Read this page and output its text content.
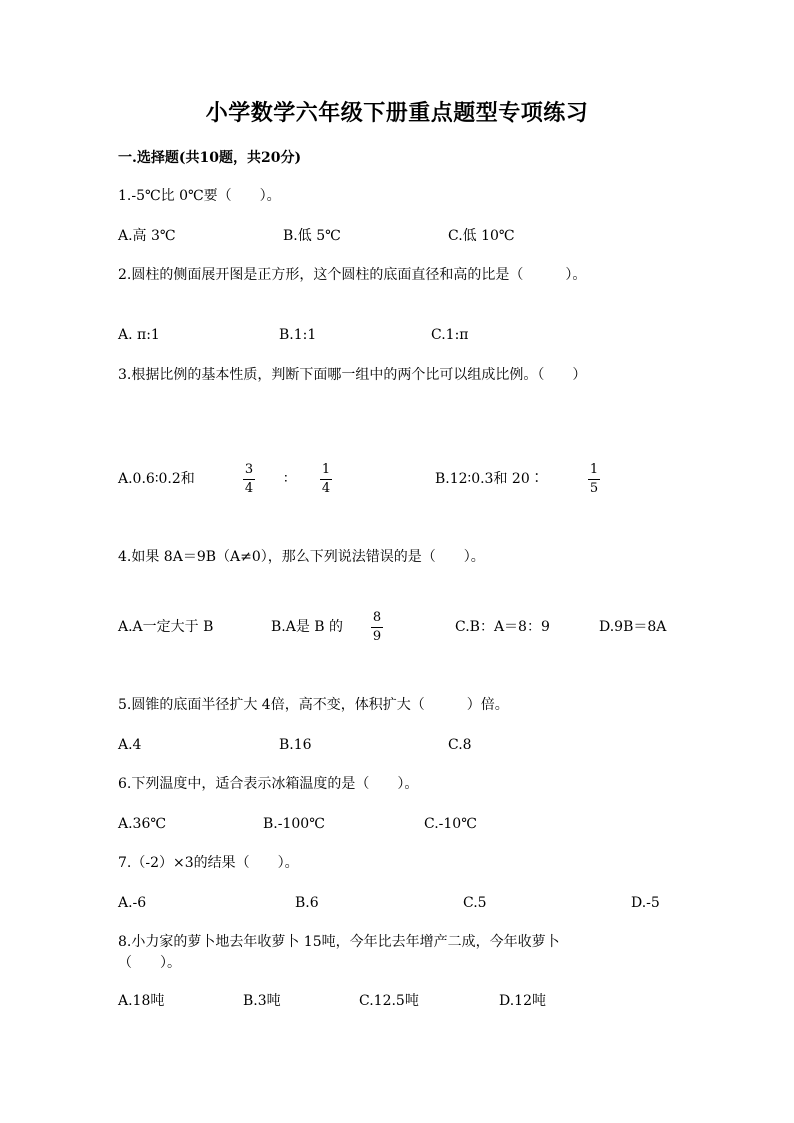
小学数学六年级下册重点题型专项练习
一.选择题(共10题，共20分)
1.-5℃比 0℃要（　　）。
A.高 3℃	B.低 5℃	C.低 10℃
2.圆柱的侧面展开图是正方形，这个圆柱的底面直径和高的比是（　　　）。
A. π:1	B.1:1	C.1:π
3.根据比例的基本性质，判断下面哪一组中的两个比可以组成比例。（　　）
A.0.6∶0.2和
3
4
∶
1
4
B.12∶0.3和 20∶
1
5
4.如果 8A＝9B（A≠0），那么下列说法错误的是（　　）。
A.A一定大于 B	B.A是 B 的
8
9
C.B：A＝8：9	D.9B＝8A
5.圆锥的底面半径扩大 4倍，高不变，体积扩大（　　　）倍。
A.4	B.16	C.8
6.下列温度中，适合表示冰箱温度的是（　　）。
A.36℃	B.-100℃	C.-10℃
7.（-2）×3的结果（　　）。
A.-6	B.6	C.5	D.-5
8.小力家的萝卜地去年收萝卜 15吨，今年比去年增产二成，今年收萝卜
（　　）。
A.18吨	B.3吨	C.12.5吨	D.12吨
